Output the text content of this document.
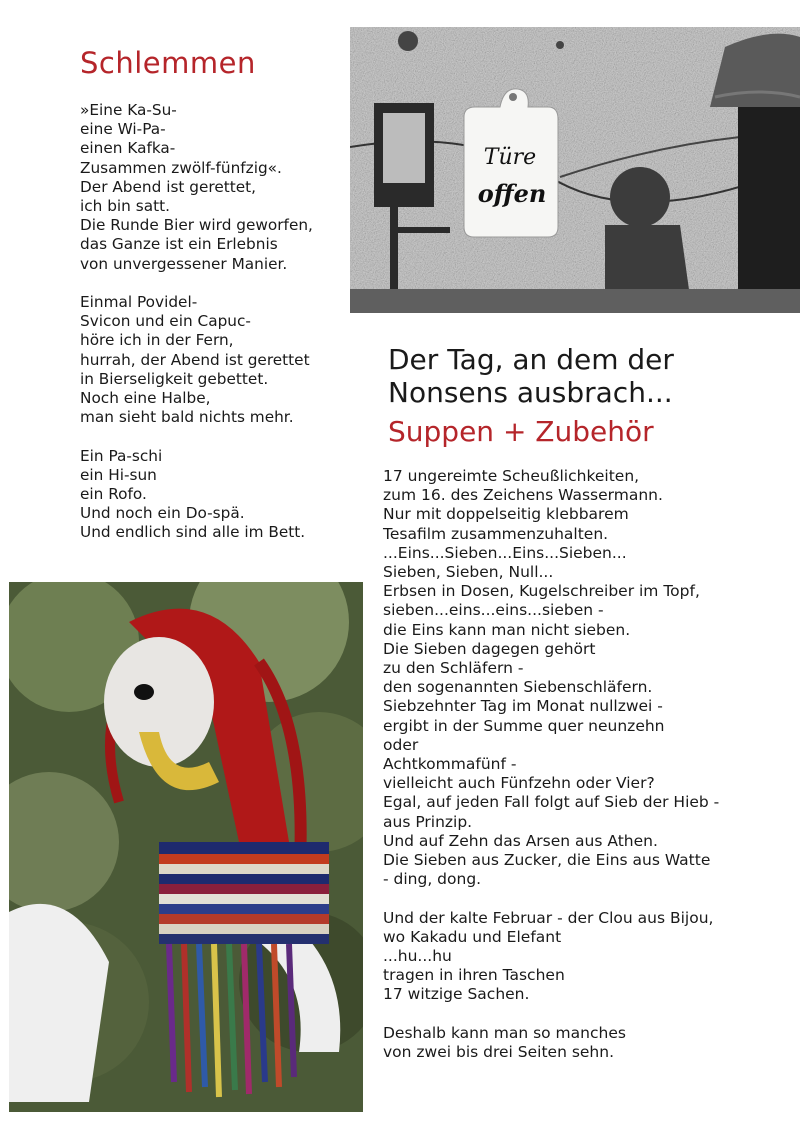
Schlemmen
»Eine Ka-Su-
eine Wi-Pa-
einen Kafka-
Zusammen zwölf-fünfzig«.
Der Abend ist gerettet,
ich bin satt.
Die Runde Bier wird geworfen,
das Ganze ist ein Erlebnis
von unvergessener Manier.
Einmal Povidel-
Svicon und ein Capuc-
höre ich in der Fern,
hurrah, der Abend ist gerettet
in Bierseligkeit gebettet.
Noch eine Halbe,
man sieht bald nichts mehr.
Ein Pa-schi
ein Hi-sun
ein Rofo.
Und noch ein Do-spä.
Und endlich sind alle im Bett.
Türe
offen
Der Tag, an dem der
Nonsens ausbrach...
Suppen + Zubehör
17 ungereimte Scheußlichkeiten,
zum 16. des Zeichens Wassermann.
Nur mit doppelseitig klebbarem
Tesafilm zusammenzuhalten.
...Eins...Sieben...Eins...Sieben...
Sieben, Sieben, Null...
Erbsen in Dosen, Kugelschreiber im Topf,
sieben...eins...eins...sieben -
die Eins kann man nicht sieben.
Die Sieben dagegen gehört
zu den Schläfern -
den sogenannten Siebenschläfern.
Siebzehnter Tag im Monat nullzwei -
ergibt in der Summe quer neunzehn
oder
Achtkommafünf -
vielleicht auch Fünfzehn oder Vier?
Egal, auf jeden Fall folgt auf Sieb der Hieb -
aus Prinzip.
Und auf Zehn das Arsen aus Athen.
Die Sieben aus Zucker, die Eins aus Watte
- ding, dong.
Und der kalte Februar - der Clou aus Bijou,
wo Kakadu und Elefant
...hu...hu
tragen in ihren Taschen
17 witzige Sachen.
Deshalb kann man so manches
von zwei bis drei Seiten sehn.
